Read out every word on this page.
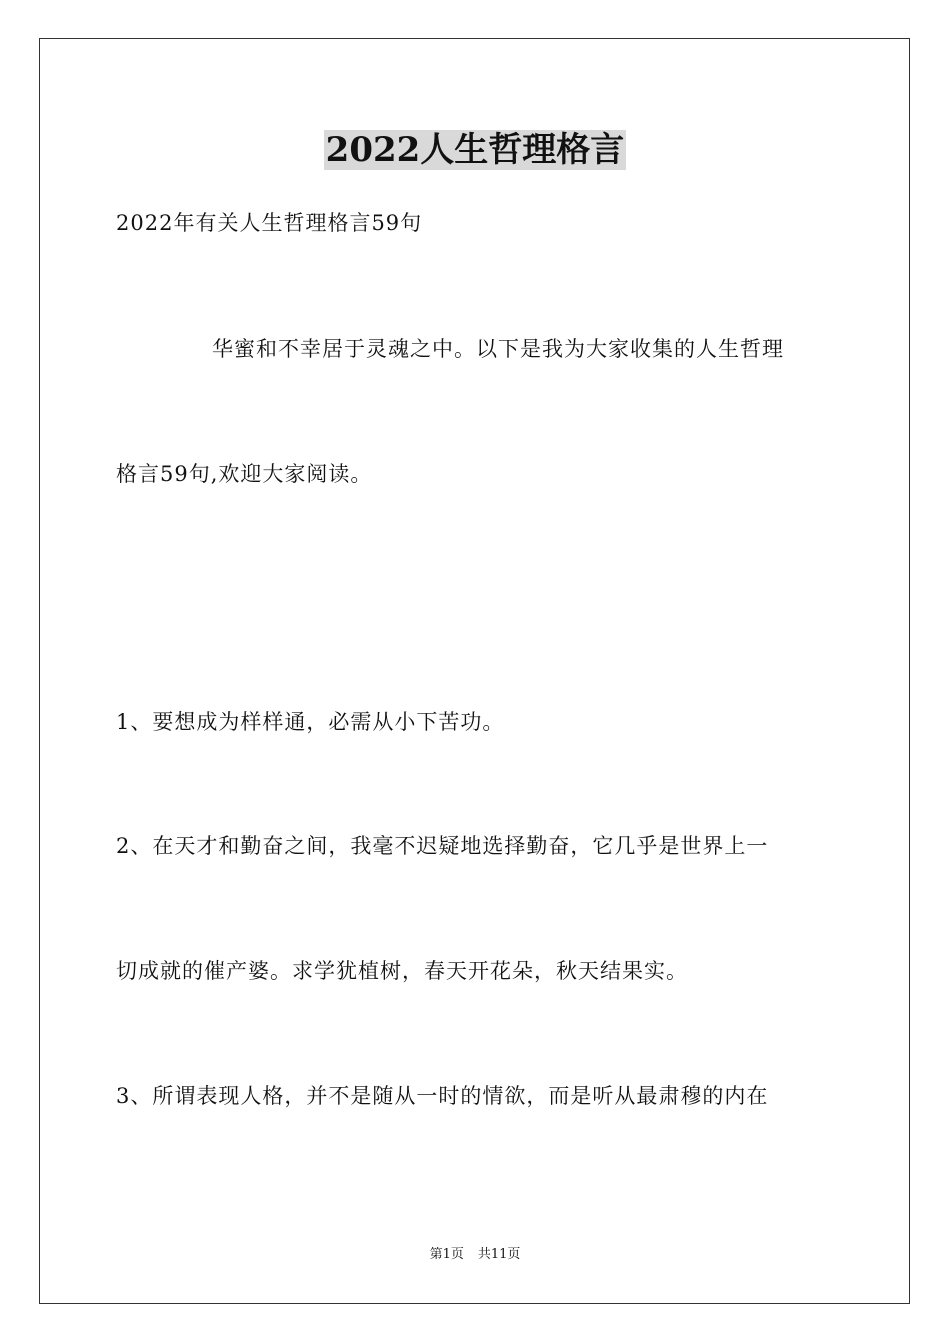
2022人生哲理格言
2022年有关人生哲理格言59句
华蜜和不幸居于灵魂之中。以下是我为大家收集的人生哲理
格言59句,欢迎大家阅读。
1、要想成为样样通，必需从小下苦功。
2、在天才和勤奋之间，我毫不迟疑地选择勤奋，它几乎是世界上一
切成就的催产婆。求学犹植树，春天开花朵，秋天结果实。
3、所谓表现人格，并不是随从一时的情欲，而是听从最肃穆的内在
第1页 共11页
